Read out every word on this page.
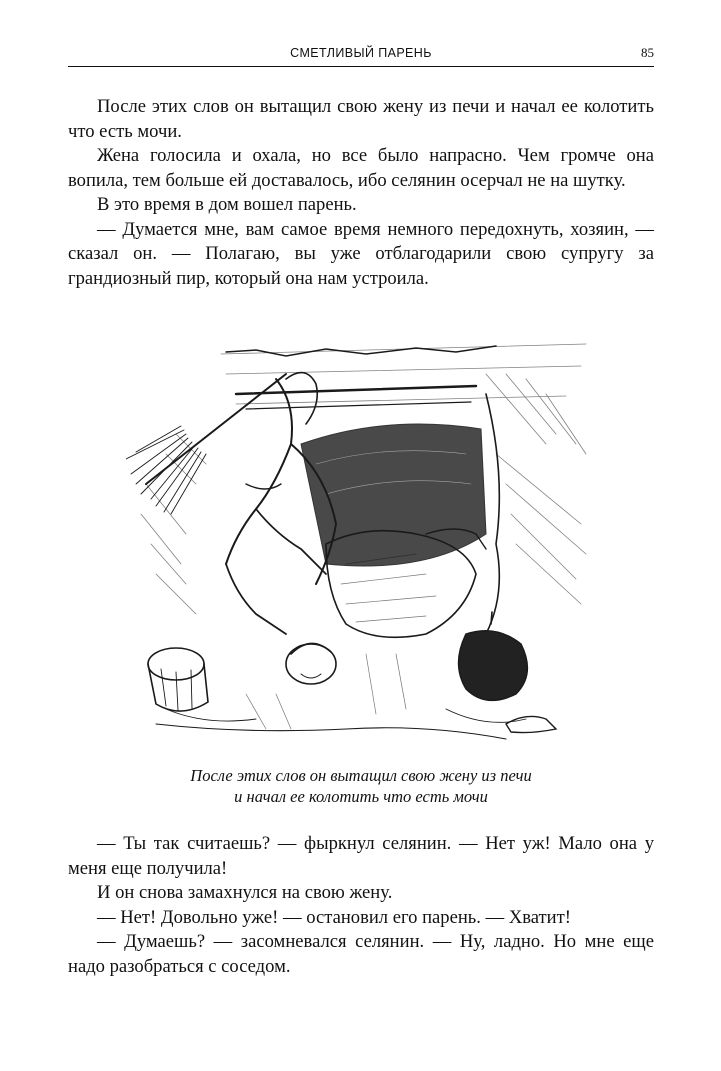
СМЕТЛИВЫЙ ПАРЕНЬ	85

После этих слов он вытащил свою жену из печи и начал ее колотить что есть мочи.

Жена голосила и охала, но все было напрасно. Чем громче она вопила, тем больше ей доставалось, ибо селянин осерчал не на шутку.

В это время в дом вошел парень.

— Думается мне, вам самое время немного передохнуть, хозяин, — сказал он. — Полагаю, вы уже отблагодарили свою супругу за грандиозный пир, который она нам устроила.

После этих слов он вытащил свою жену из печи
и начал ее колотить что есть мочи

— Ты так считаешь? — фыркнул селянин. — Нет уж! Мало она у меня еще получила!

И он снова замахнулся на свою жену.

— Нет! Довольно уже! — остановил его парень. — Хватит!

— Думаешь? — засомневался селянин. — Ну, ладно. Но мне еще надо разобраться с соседом.
